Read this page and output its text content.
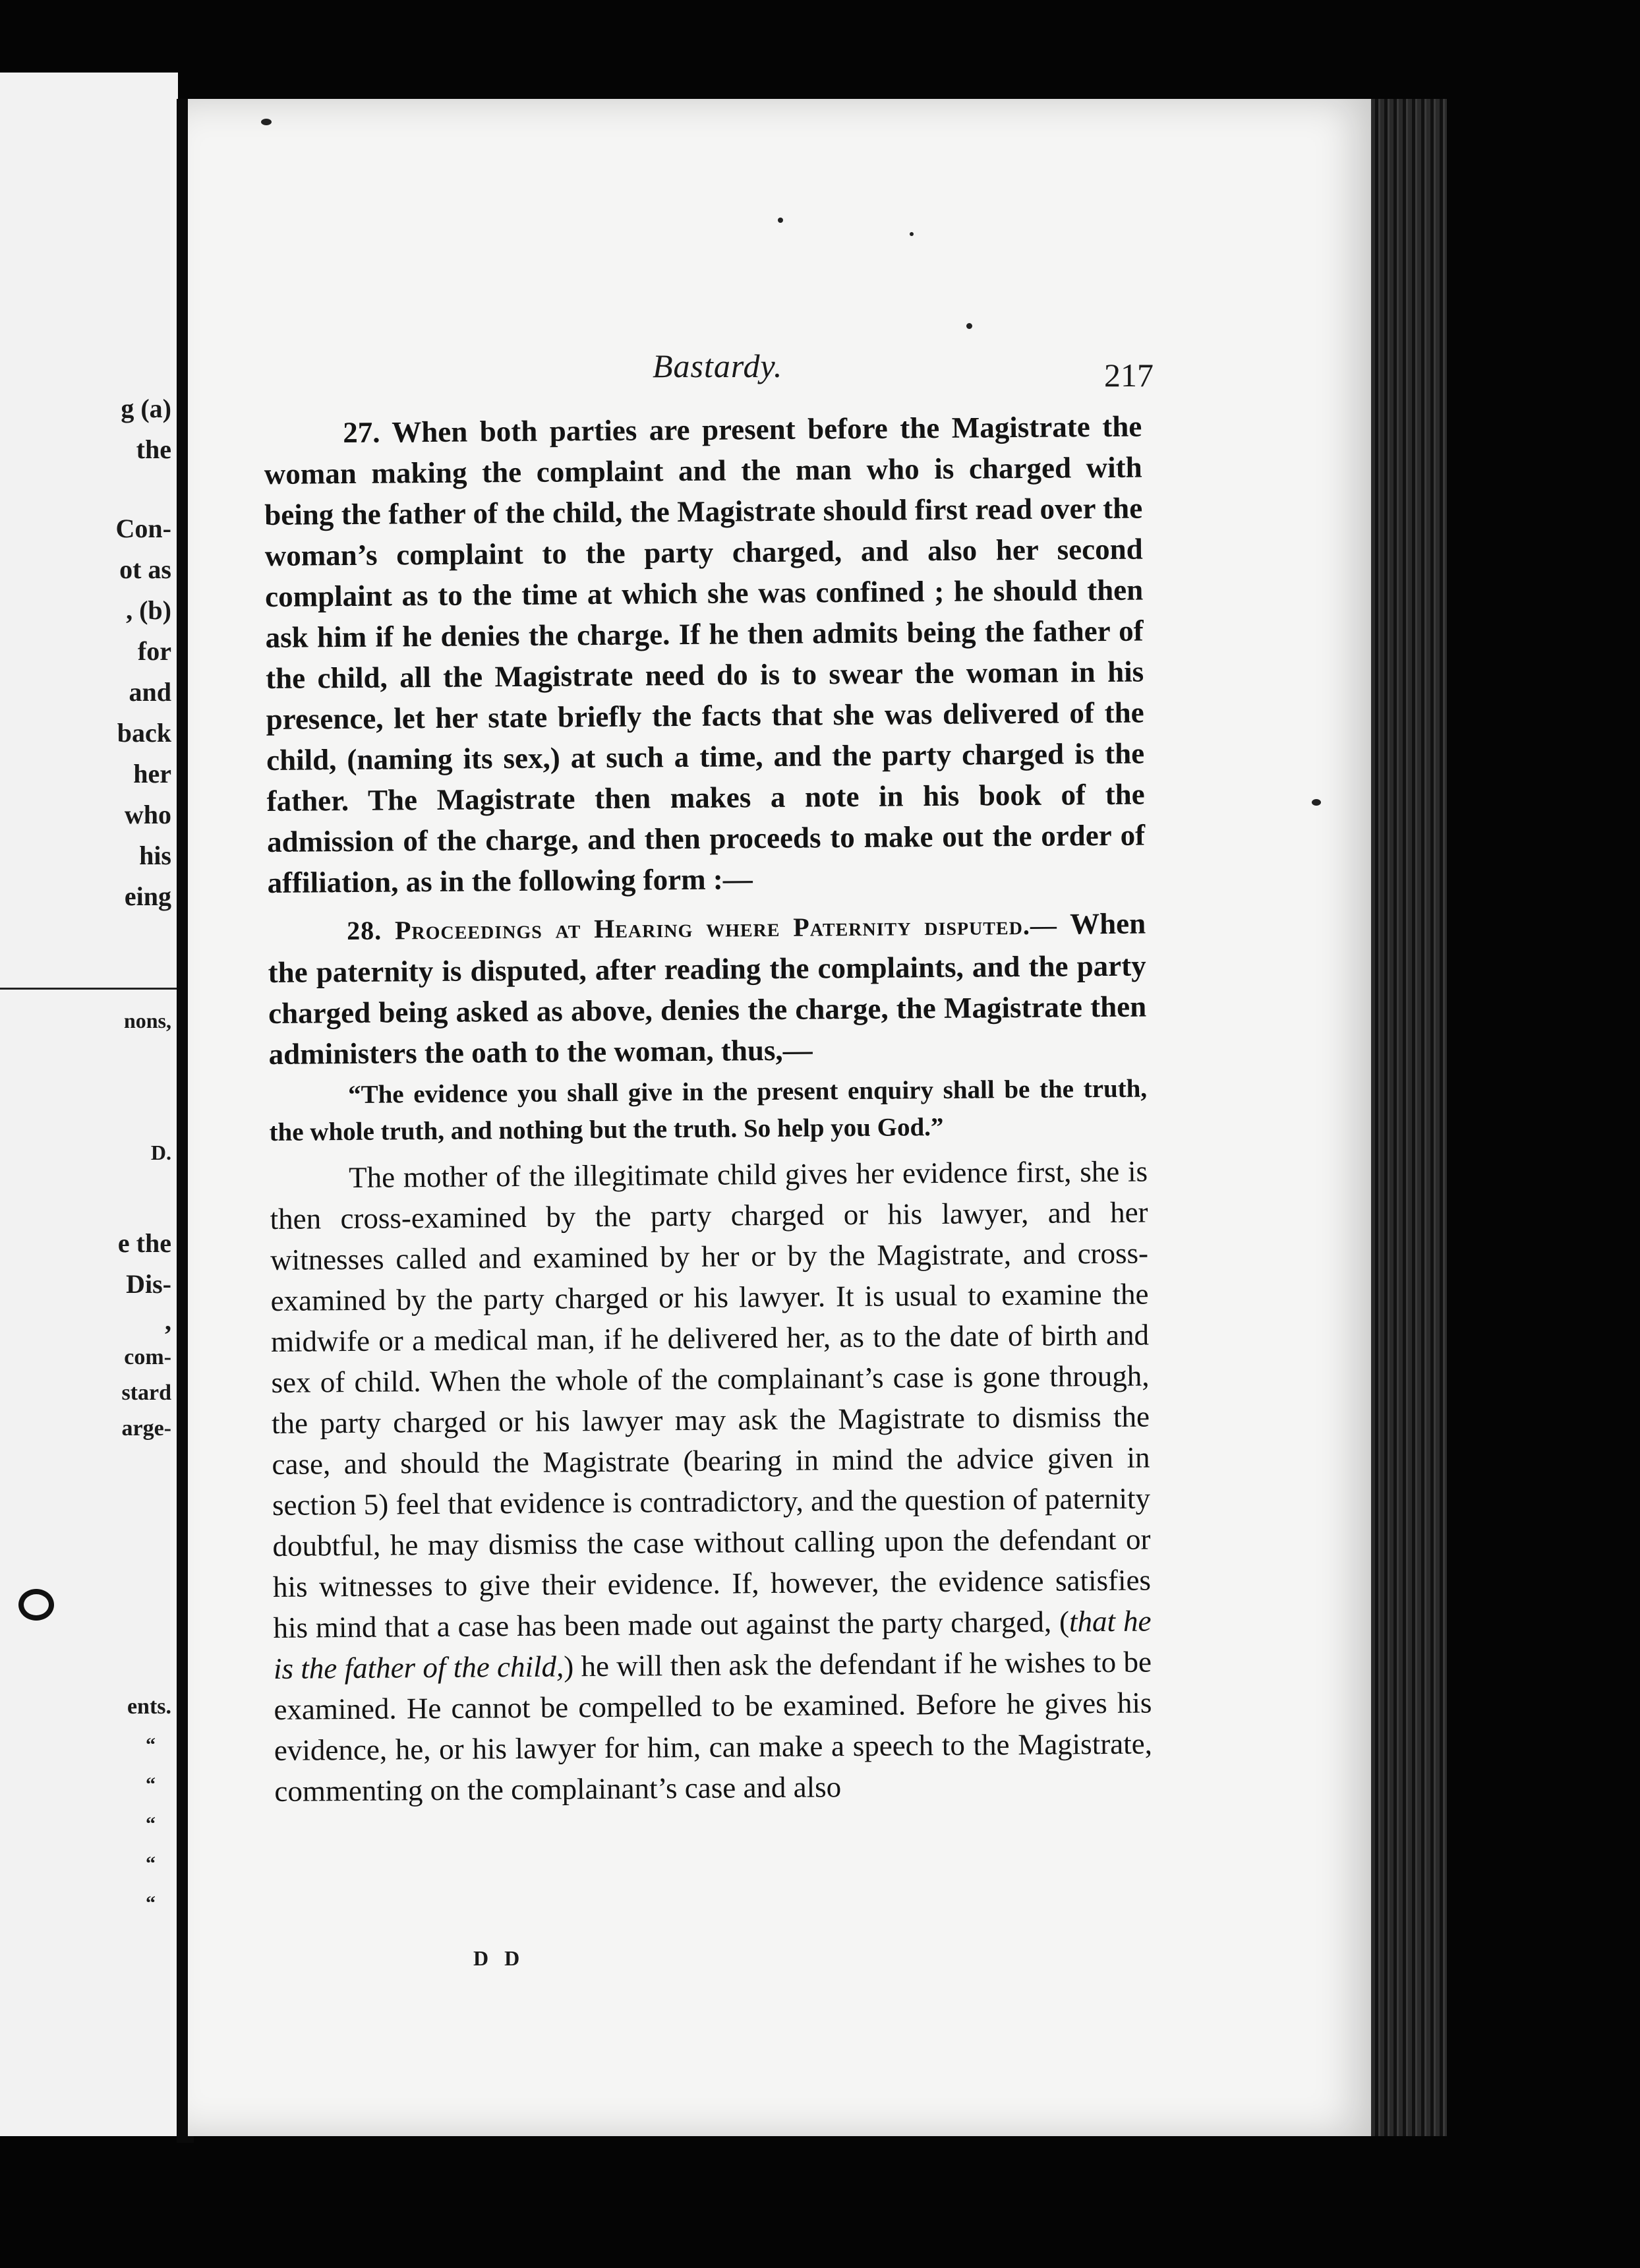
g (a)
the
Con-
ot as
, (b)
for
and
back
her
who
his
eing
nons,
D.
e the
Dis-
,
com-
stard
arge-
ents.
“
“
“
“
“
Bastardy.	217

27. When both parties are present before the Magistrate the woman making the complaint and the man who is charged with being the father of the child, the Magistrate should first read over the woman’s complaint to the party charged, and also her second complaint as to the time at which she was confined ; he should then ask him if he denies the charge. If he then admits being the father of the child, all the Magistrate need do is to swear the woman in his presence, let her state briefly the facts that she was delivered of the child, (naming its sex,) at such a time, and the party charged is the father. The Magistrate then makes a note in his book of the admission of the charge, and then proceeds to make out the order of affiliation, as in the following form :—

28. Proceedings at Hearing where Paternity disputed.— When the paternity is disputed, after reading the complaints, and the party charged being asked as above, denies the charge, the Magistrate then administers the oath to the woman, thus,—

“The evidence you shall give in the present enquiry shall be the truth, the whole truth, and nothing but the truth. So help you God.”

The mother of the illegitimate child gives her evidence first, she is then cross-examined by the party charged or his lawyer, and her witnesses called and examined by her or by the Magistrate, and cross-examined by the party charged or his lawyer. It is usual to examine the midwife or a medical man, if he delivered her, as to the date of birth and sex of child. When the whole of the complainant’s case is gone through, the party charged or his lawyer may ask the Magistrate to dismiss the case, and should the Magistrate (bearing in mind the advice given in section 5) feel that evidence is contradictory, and the question of paternity doubtful, he may dismiss the case without calling upon the defendant or his witnesses to give their evidence. If, however, the evidence satisfies his mind that a case has been made out against the party charged, (that he is the father of the child,) he will then ask the defendant if he wishes to be examined. He cannot be compelled to be examined. Before he gives his evidence, he, or his lawyer for him, can make a speech to the Magistrate, commenting on the complainant’s case and also

D D
